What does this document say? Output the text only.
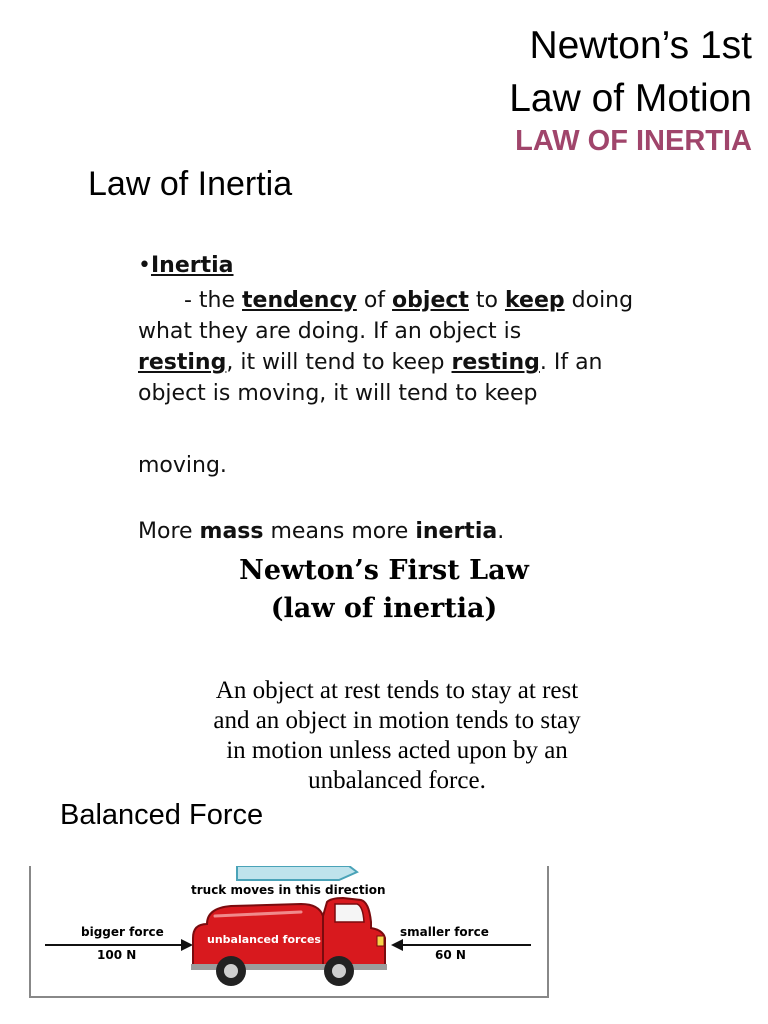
Newton’s 1st
Law of Motion
LAW OF INERTIA
Law of Inertia

•Inertia

- the tendency of object to keep doing

what they are doing. If an object is

resting, it will tend to keep resting. If an

object is moving, it will tend to keep

moving.

More mass means more inertia.

Newton’s First Law
(law of inertia)
An object at rest tends to stay at rest
and an object in motion tends to stay
in motion unless acted upon by an
unbalanced force.
Balanced Force
truck moves in this direction
bigger force
100 N
smaller force
60 N
unbalanced forces
